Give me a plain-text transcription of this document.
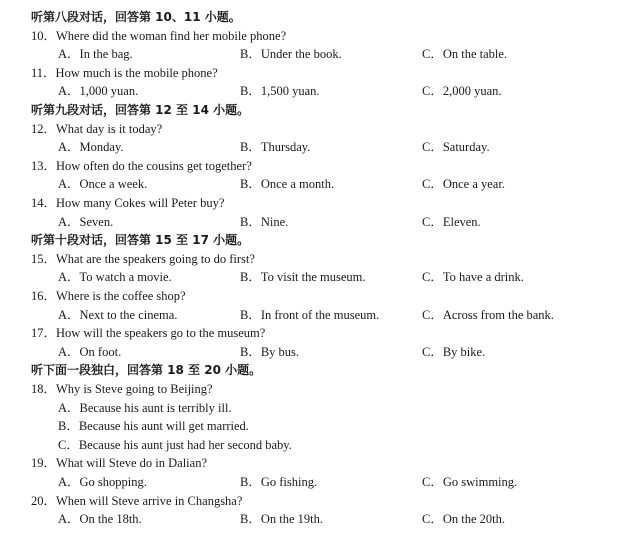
听第八段对话，回答第 10、11 小题。
10．Where did the woman find her mobile phone?
A．In the bag.	B．Under the book.	C．On the table.
11．How much is the mobile phone?
A．1,000 yuan.	B．1,500 yuan.	C．2,000 yuan.
听第九段对话，回答第 12 至 14 小题。
12．What day is it today?
A．Monday.	B．Thursday.	C．Saturday.
13．How often do the cousins get together?
A．Once a week.	B．Once a month.	C．Once a year.
14．How many Cokes will Peter buy?
A．Seven.	B．Nine.	C．Eleven.
听第十段对话，回答第 15 至 17 小题。
15．What are the speakers going to do first?
A．To watch a movie.	B．To visit the museum.	C．To have a drink.
16．Where is the coffee shop?
A．Next to the cinema.	B．In front of the museum.	C．Across from the bank.
17．How will the speakers go to the museum?
A．On foot.	B．By bus.	C．By bike.
听下面一段独白，回答第 18 至 20 小题。
18．Why is Steve going to Beijing?
A．Because his aunt is terribly ill.
B．Because his aunt will get married.
C．Because his aunt just had her second baby.
19．What will Steve do in Dalian?
A．Go shopping.	B．Go fishing.	C．Go swimming.
20．When will Steve arrive in Changsha?
A．On the 18th.	B．On the 19th.	C．On the 20th.
